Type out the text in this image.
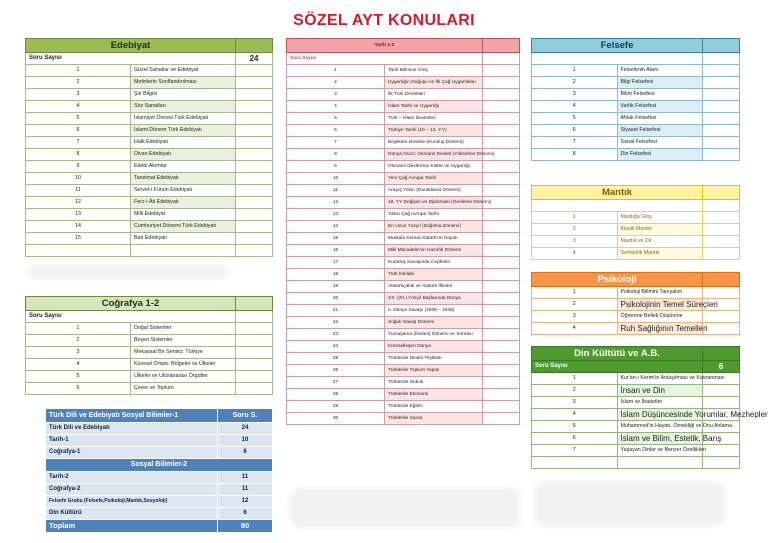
SÖZEL AYT KONULARI
Edebiyat		
Soru Sayısı		24
1	Güzel Sanatlar ve Edebiyat	
2	Metinlerin Sınıflandırılması	
3	Şiir Bilgisi	
4	Söz Sanatları	
5	İslamiyet Öncesi Türk Edebiyatı	
6	İslami Dönem Türk Edebiyatı	
7	Halk Edebiyatı	
8	Divan Edebiyatı	
9	Edebi Akımlar	
10	Tanzimat Edebiyatı	
11	Servet-i Fünun Edebiyatı	
12	Fecr-i Âti Edebiyatı	
13	Milli Edebiyat	
14	Cumhuriyet Dönemi Türk Edebiyatı	
15	Batı Edebiyatı	

Coğrafya 1-2		
Soru Sayısı		
1	Doğal Sistemler	
2	Beşeri Sistemler	
3	Mekansal Bir Sentez: Türkiye	
4	Küresel Ortam: Bölgeler ve Ülkeler	
5	Ülkeler ve Uluslararası Örgütler	
6	Çevre ve Toplum	
Tarih 1-2		
Soru Sayısı		
1	Tarih Bilimine Giriş	
2	Uygarlığın Doğuşu ve İlk Çağ Uygarlıkları	
3	İlk Türk Devletleri	
4	İslam Tarihi ve Uygarlığı	
5	Türk – İslam Devletleri	
6	Türkiye Tarihi (10 – 13. Y.Y)	
7	Beylikten Devlete (Kuruluş Dönemi)	
8	Dünya Gücü: Osmanlı Devleti (Yükselme Dönemi)	
9	Osmanlı Devleti'nin Kültür ve Uygarlığı	
10	Yeni Çağ Avrupa Tarihi	
11	Arayış Yılları (Duraklama Dönemi)	
12	18. YY Değişim ve Diplomasi (Gerileme Dönemi)	
13	Yakın Çağ Avrupa Tarihi	
14	En Uzun Yüzyıl (Dağılma Dönemi)	
15	Mustafa Kemal Atatürk'ün Hayatı	
16	Milli Mücadele'nin Hazırlık Dönemi	
17	Kurtuluş Savaşında Cepheler	
18	Türk İnkılabı	
19	Atatürkçülük ve Atatürk İlkeleri	
20	XX. (20.) Yüzyıl Başlarında Dünya	
21	II. Dünya Savaşı (1939 – 1945)	
22	Soğuk Savaş Dönemi	
23	Yumuşama (Detant) Dönemi ve Sonrası	
24	Küreselleşen Dünya	
25	Türklerde Devlet Teşkilatı	
26	Türklerde Toplum Yapısı	
27	Türklerde Hukuk	
28	Türklerde Ekonomi	
29	Türklerde Eğitim	
30	Türklerde Sanat	
Felsefe		

1	Felsefenin Alanı	
2	Bilgi Felsefesi	
3	Bilim Felsefesi	
4	Varlık Felsefesi	
5	Ahlak Felsefesi	
6	Siyaset Felsefesi	
7	Sanat Felsefesi	
8	Din Felsefesi	
Mantık		

1	Mantığa Giriş	
2	Klasik Mantık	
3	Mantık ve Dil	
4	Sembolik Mantık	
Psikoloji		
1	Psikoloji Bilimini Tanıyalım	
2	Psikolojinin Temel Süreçleri	
3	Öğrenme Bellek Düşünme	
4	Ruh Sağlığının Temelleri	
Din Kültütü ve A.B.		
Soru Sayısı		6
1	Kur'an-ı Kerim'in Anlaşılması ve Kavranması	
2	İnsan ve Din	
3	İslam ve İbadetler	
4	İslam Düşüncesinde Yorumlar, Mezhepler	
5	Muhammed'in Hayatı, Örnekliği ve Onu Anlama.	
6	İslam ve Bilim, Estetik, Barış	
7	Yaşayan Dinler ve Benzer Özellikleri	

Türk Dili ve Edebiyatı Sosyal Bilimler-1	Soru S.
Türk Dili ve Edebiyatı	24
Tarih-1	10
Coğrafya-1	6
Sosyal Bilimler-2	
Tarih-2	11
Coğrafya-2	11
Felsefe Grubu (Felsefe,Psikoloji,Mantık,Sosyoloji)	12
Din Kültürü	6
Toplam	80
